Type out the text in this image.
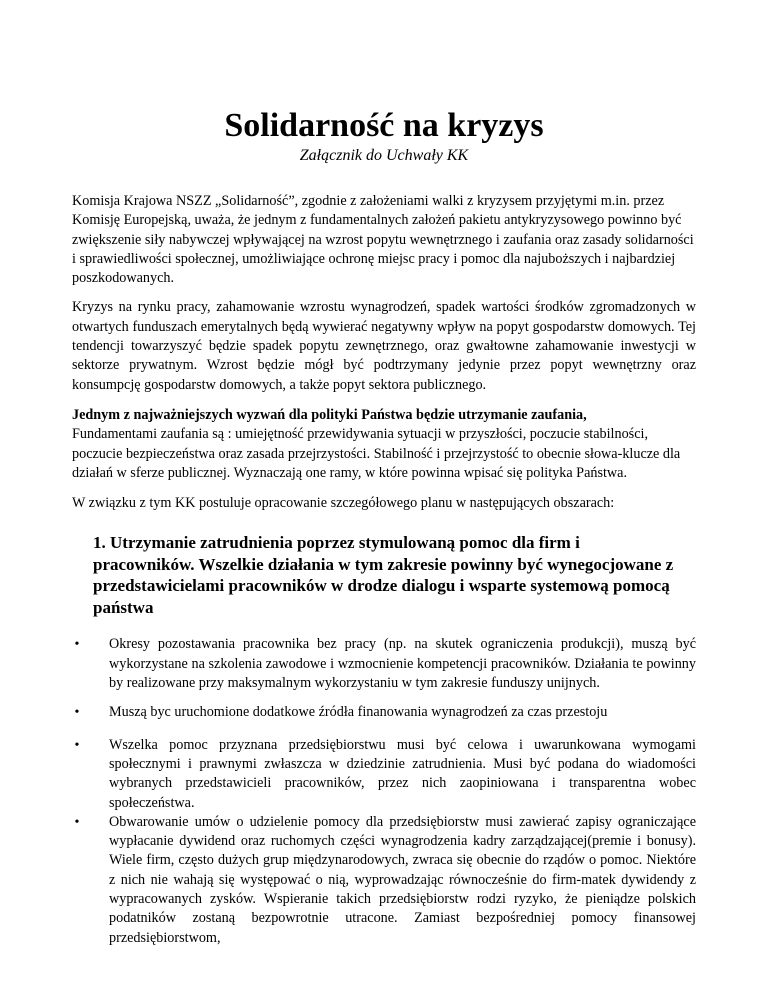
Solidarność na kryzys

Załącznik do Uchwały KK

Komisja Krajowa NSZZ „Solidarność”, zgodnie z założeniami walki z kryzysem przyjętymi m.in. przez Komisję Europejską, uważa, że jednym z fundamentalnych założeń pakietu antykryzysowego powinno być zwiększenie siły nabywczej wpływającej na wzrost popytu wewnętrznego i zaufania oraz zasady solidarności i sprawiedliwości społecznej, umożliwiające ochronę miejsc pracy i pomoc dla najuboższych i najbardziej poszkodowanych.

Kryzys na rynku pracy, zahamowanie wzrostu wynagrodzeń, spadek wartości środków zgromadzonych w otwartych funduszach emerytalnych będą wywierać negatywny wpływ na popyt gospodarstw domowych. Tej tendencji towarzyszyć będzie spadek popytu zewnętrznego, oraz gwałtowne zahamowanie inwestycji w sektorze prywatnym. Wzrost będzie mógł być podtrzymany jedynie przez popyt wewnętrzny oraz konsumpcję gospodarstw domowych, a także popyt sektora publicznego.

Jednym z najważniejszych wyzwań dla polityki Państwa będzie utrzymanie zaufania,
Fundamentami zaufania są : umiejętność przewidywania sytuacji w przyszłości, poczucie stabilności, poczucie bezpieczeństwa oraz zasada przejrzystości. Stabilność i przejrzystość to obecnie słowa-klucze dla działań w sferze publicznej. Wyznaczają one ramy, w które powinna wpisać się polityka Państwa.

W związku z tym KK postuluje opracowanie szczegółowego planu w następujących obszarach:

1. Utrzymanie zatrudnienia poprzez stymulowaną pomoc dla firm i pracowników. Wszelkie działania w tym zakresie powinny być wynegocjowane z przedstawicielami pracowników w drodze dialogu i wsparte systemową pomocą państwa
• Okresy pozostawania pracownika bez pracy (np. na skutek ograniczenia produkcji), muszą być wykorzystane na szkolenia zawodowe i wzmocnienie kompetencji pracowników. Działania te powinny by realizowane przy maksymalnym wykorzystaniu w tym zakresie funduszy unijnych.
• Muszą byc uruchomione dodatkowe źródła finanowania wynagrodzeń za czas przestoju
• Wszelka pomoc przyznana przedsiębiorstwu musi być celowa i uwarunkowana wymogami społecznymi i prawnymi zwłaszcza w dziedzinie zatrudnienia. Musi być podana do wiadomości wybranych przedstawicieli pracowników, przez nich zaopiniowana i transparentna wobec społeczeństwa.
• Obwarowanie umów o udzielenie pomocy dla przedsiębiorstw musi zawierać zapisy ograniczające wypłacanie dywidend oraz ruchomych części wynagrodzenia kadry zarządzającej(premie i bonusy). Wiele firm, często dużych grup międzynarodowych, zwraca się obecnie do rządów o pomoc. Niektóre z nich nie wahają się występować o nią, wyprowadzając równocześnie do firm-matek dywidendy z wypracowanych zysków. Wspieranie takich przedsiębiorstw rodzi ryzyko, że pieniądze polskich podatników zostaną bezpowrotnie utracone. Zamiast bezpośredniej pomocy finansowej przedsiębiorstwom,
